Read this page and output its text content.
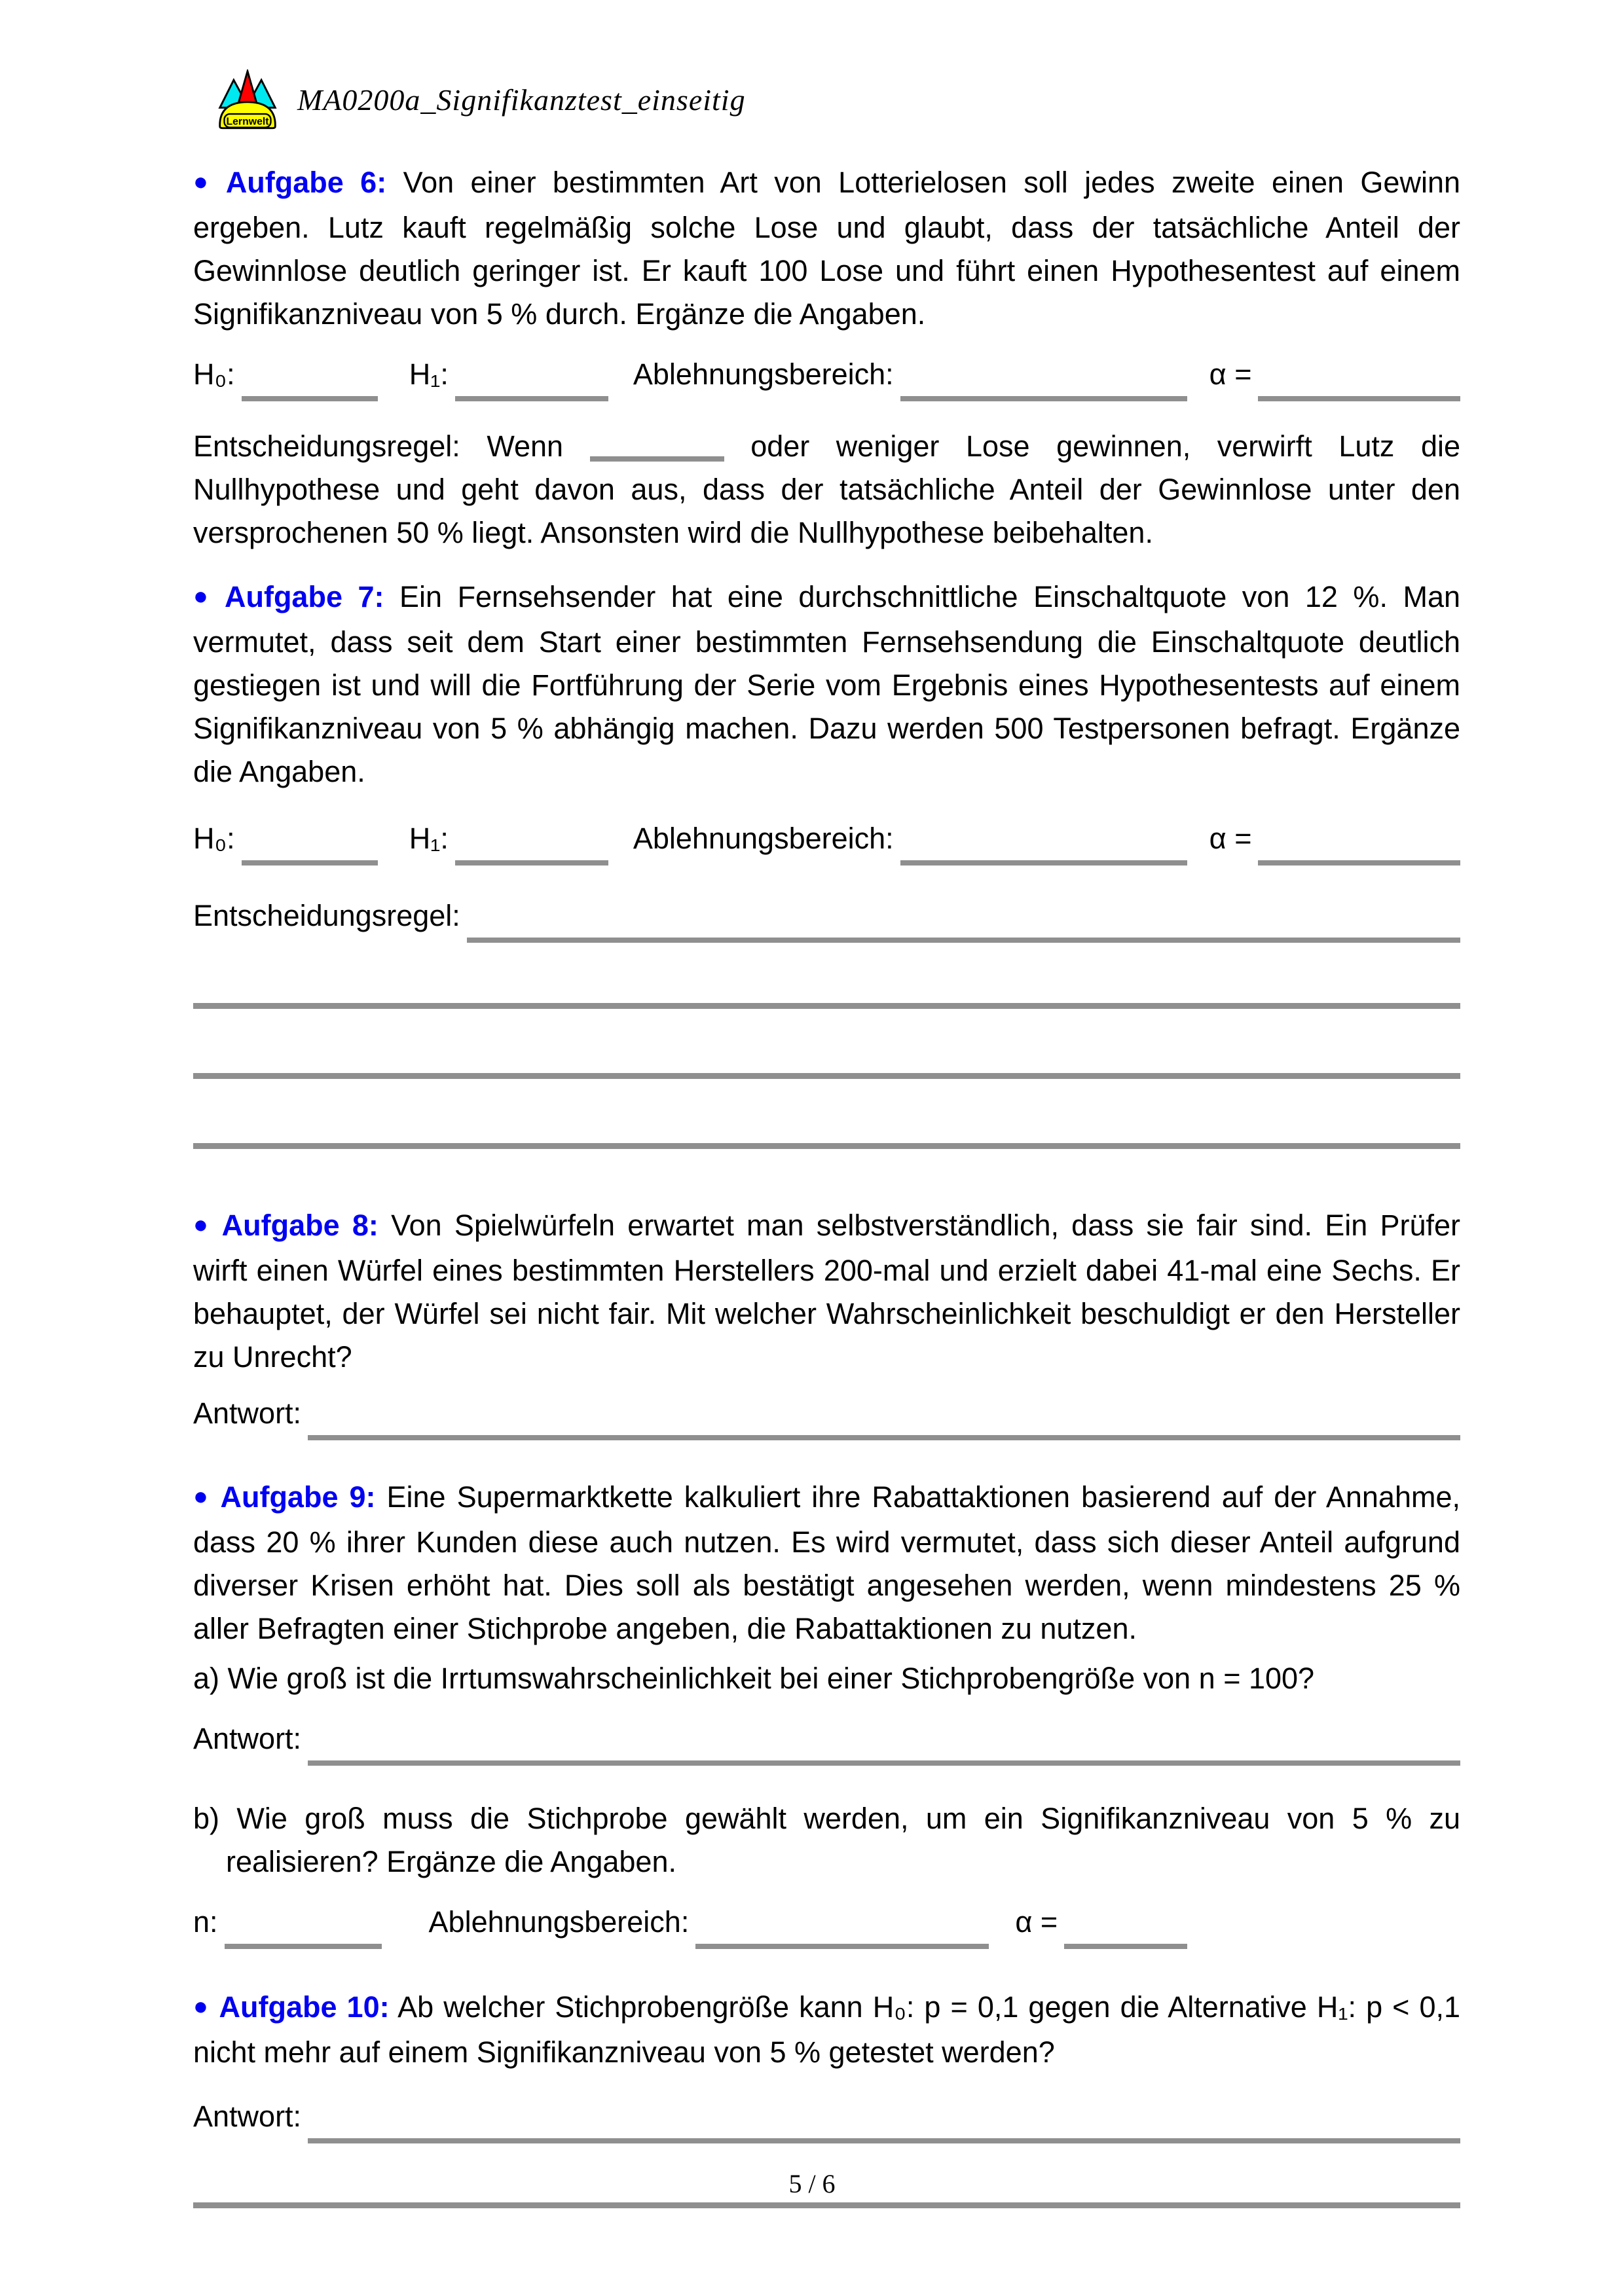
Lernwelt
MA0200a_Signifikanztest_einseitig

● Aufgabe 6: Von einer bestimmten Art von Lotterielosen soll jedes zweite einen Gewinn ergeben. Lutz kauft regelmäßig solche Lose und glaubt, dass der tatsächliche Anteil der Gewinnlose deutlich geringer ist. Er kauft 100 Lose und führt einen Hypothesentest auf einem Signifikanzniveau von 5 % durch. Ergänze die Angaben.

H₀:	H₁:	Ablehnungsbereich:	α =

Entscheidungsregel: Wenn	oder weniger Lose gewinnen, verwirft Lutz die Nullhypothese und geht davon aus, dass der tatsächliche Anteil der Gewinnlose unter den versprochenen 50 % liegt. Ansonsten wird die Nullhypothese beibehalten.

● Aufgabe 7: Ein Fernsehsender hat eine durchschnittliche Einschaltquote von 12 %. Man vermutet, dass seit dem Start einer bestimmten Fernsehsendung die Einschaltquote deutlich gestiegen ist und will die Fortführung der Serie vom Ergebnis eines Hypothesentests auf einem Signifikanzniveau von 5 % abhängig machen. Dazu werden 500 Testpersonen befragt. Ergänze die Angaben.

H₀:	H₁:	Ablehnungsbereich:	α =
Entscheidungsregel:

● Aufgabe 8: Von Spielwürfeln erwartet man selbstverständlich, dass sie fair sind. Ein Prüfer wirft einen Würfel eines bestimmten Herstellers 200-mal und erzielt dabei 41-mal eine Sechs. Er behauptet, der Würfel sei nicht fair. Mit welcher Wahrscheinlichkeit beschuldigt er den Hersteller zu Unrecht?

Antwort:

● Aufgabe 9: Eine Supermarktkette kalkuliert ihre Rabattaktionen basierend auf der Annahme, dass 20 % ihrer Kunden diese auch nutzen. Es wird vermutet, dass sich dieser Anteil aufgrund diverser Krisen erhöht hat. Dies soll als bestätigt angesehen werden, wenn mindestens 25 % aller Befragten einer Stichprobe angeben, die Rabattaktionen zu nutzen.

a) Wie groß ist die Irrtumswahrscheinlichkeit bei einer Stichprobengröße von n = 100?

Antwort:

b) Wie groß muss die Stichprobe gewählt werden, um ein Signifikanzniveau von 5 % zu realisieren? Ergänze die Angaben.

n:	Ablehnungsbereich:	α =

● Aufgabe 10: Ab welcher Stichprobengröße kann H₀: p = 0,1 gegen die Alternative H₁: p < 0,1 nicht mehr auf einem Signifikanzniveau von 5 % getestet werden?

Antwort:
5 / 6
